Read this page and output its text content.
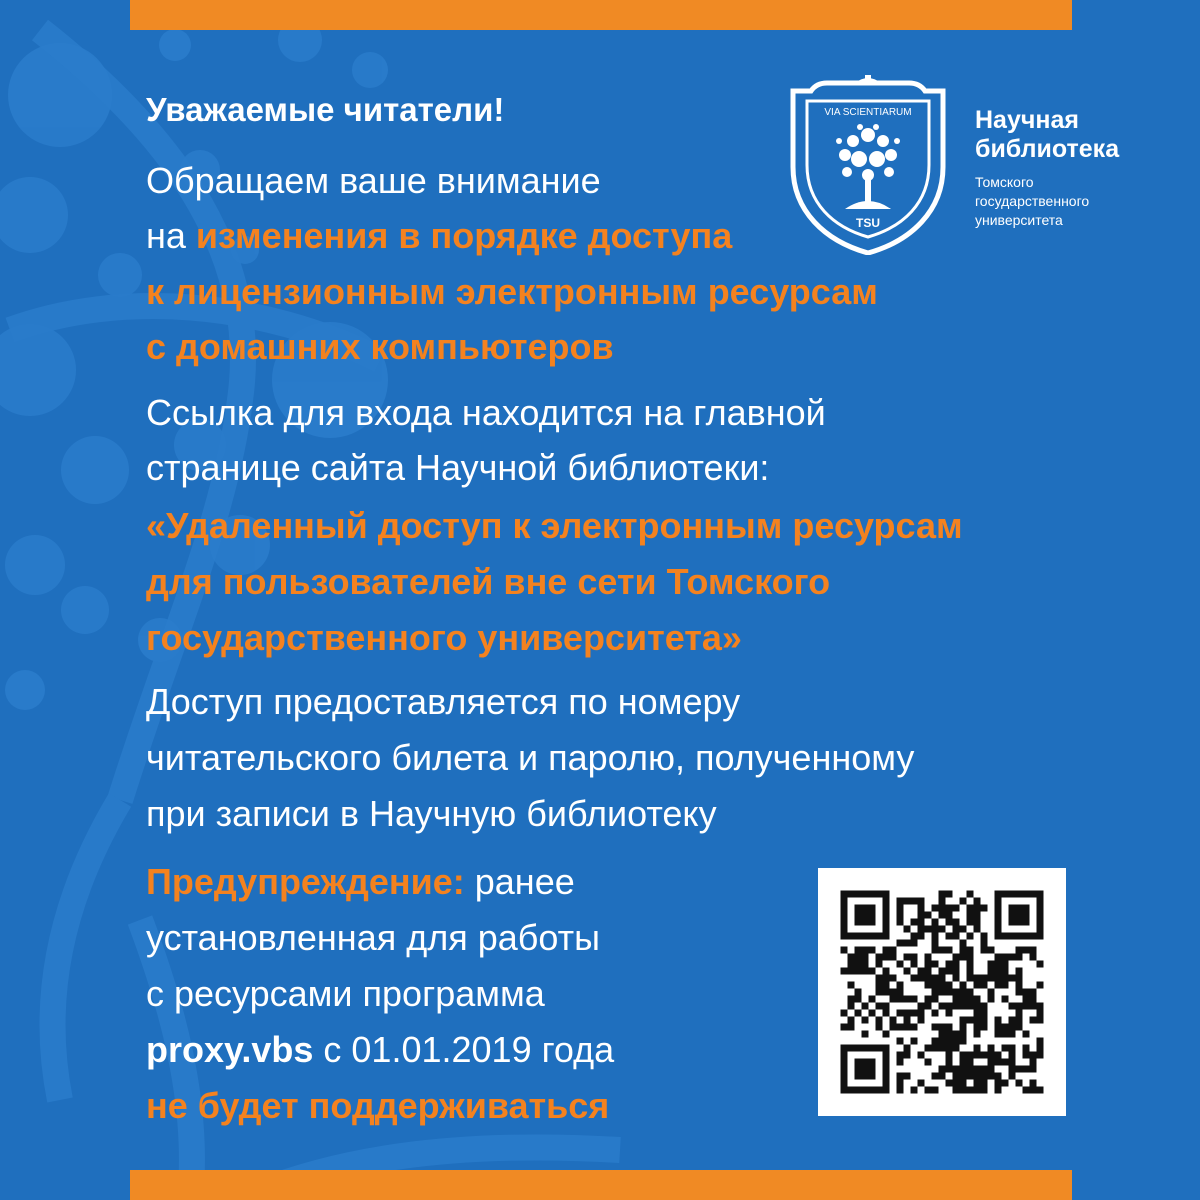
Уважаемые читатели!
Обращаем ваше внимание
на изменения в порядке доступа
к лицензионным электронным ресурсам
с домашних компьютеров
Ссылка для входа находится на главной
странице сайта Научной библиотеки:
«Удаленный доступ к электронным ресурсам
для пользователей вне сети Томского
государственного университета»
Доступ предоставляется по номеру
читательского билета и паролю, полученному
при записи в Научную библиотеку
Предупреждение: ранее
установленная для работы
с ресурсами программа
proxy.vbs с 01.01.2019 года
не будет поддерживаться
VIA SCIENTIARUM
TSU
Научная
библиотека
Томского
государственного
университета
